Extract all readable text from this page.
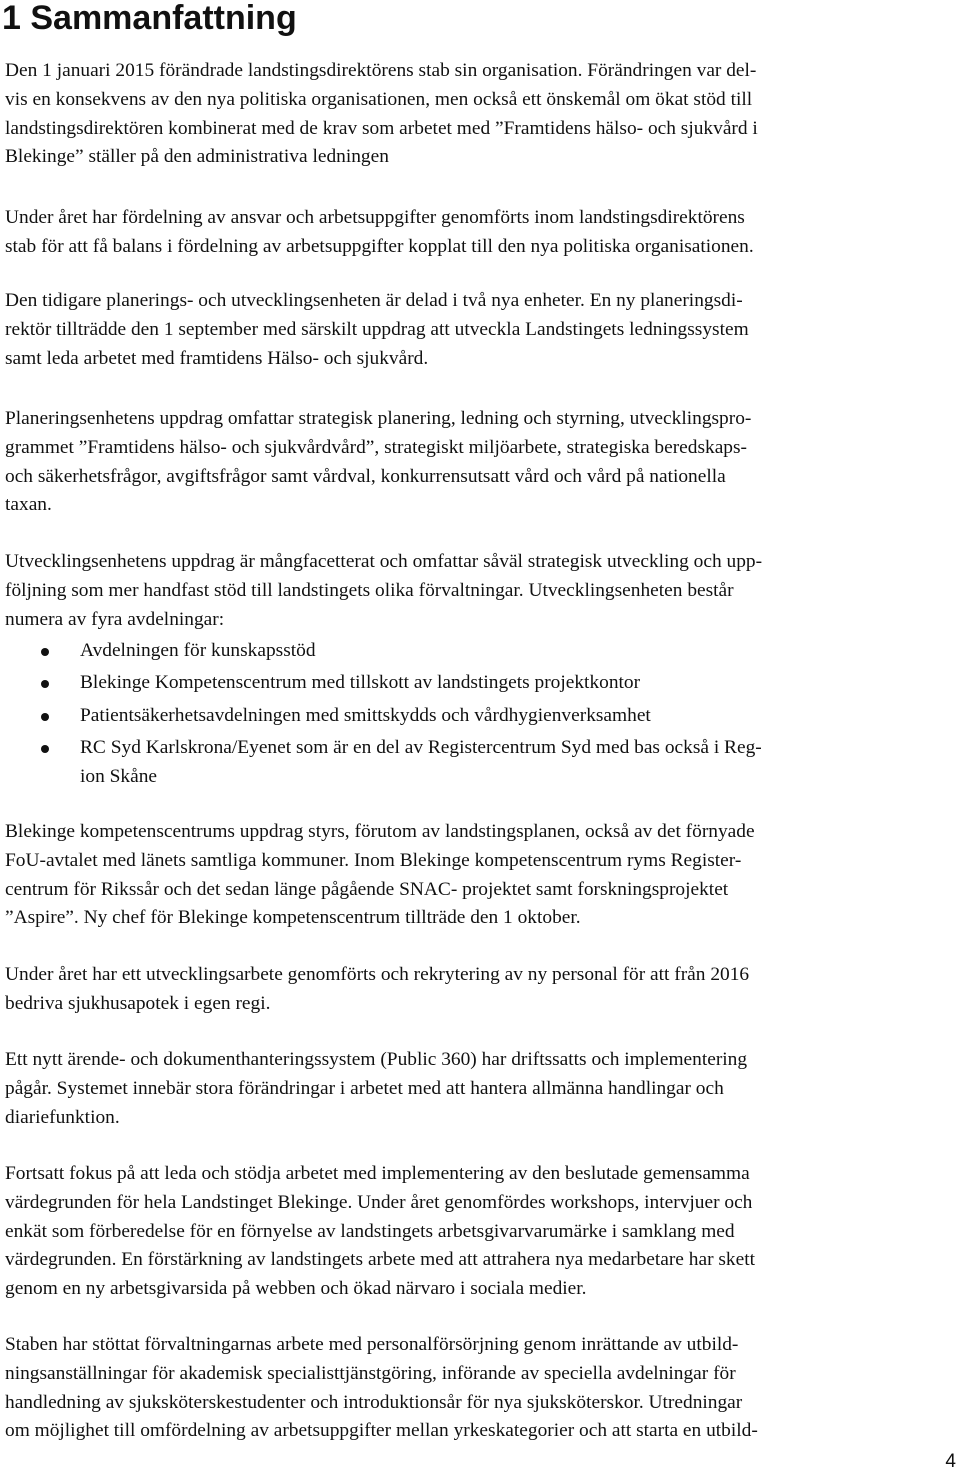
1 Sammanfattning

Den 1 januari 2015 förändrade landstingsdirektörens stab sin organisation. Förändringen var del-
vis en konsekvens av den nya politiska organisationen, men också ett önskemål om ökat stöd till
landstingsdirektören kombinerat med de krav som arbetet med ”Framtidens hälso- och sjukvård i
Blekinge” ställer på den administrativa ledningen

Under året har fördelning av ansvar och arbetsuppgifter genomförts inom landstingsdirektörens
stab för att få balans i fördelning av arbetsuppgifter kopplat till den nya politiska organisationen.

Den tidigare planerings- och utvecklingsenheten är delad i två nya enheter. En ny planeringsdi-
rektör tillträdde den 1 september med särskilt uppdrag att utveckla Landstingets ledningssystem
samt leda arbetet med framtidens Hälso- och sjukvård.

Planeringsenhetens uppdrag omfattar strategisk planering, ledning och styrning, utvecklingspro-
grammet ”Framtidens hälso- och sjukvårdvård”, strategiskt miljöarbete, strategiska beredskaps-
och säkerhetsfrågor, avgiftsfrågor samt vårdval, konkurrensutsatt vård och vård på nationella
taxan.

Utvecklingsenhetens uppdrag är mångfacetterat och omfattar såväl strategisk utveckling och upp-
följning som mer handfast stöd till landstingets olika förvaltningar. Utvecklingsenheten består
numera av fyra avdelningar:

Avdelningen för kunskapsstöd
Blekinge Kompetenscentrum med tillskott av landstingets projektkontor
Patientsäkerhetsavdelningen med smittskydds och vårdhygienverksamhet
RC Syd Karlskrona/Eyenet som är en del av Registercentrum Syd med bas också i Reg-
ion Skåne

Blekinge kompetenscentrums uppdrag styrs, förutom av landstingsplanen, också av det förnyade
FoU-avtalet med länets samtliga kommuner. Inom Blekinge kompetenscentrum ryms Register-
centrum för Rikssår och det sedan länge pågående SNAC- projektet samt forskningsprojektet
”Aspire”. Ny chef för Blekinge kompetenscentrum tillträde den 1 oktober.

Under året har ett utvecklingsarbete genomförts och rekrytering av ny personal för att från 2016
bedriva sjukhusapotek i egen regi.

Ett nytt ärende- och dokumenthanteringssystem (Public 360) har driftssatts och implementering
pågår. Systemet innebär stora förändringar i arbetet med att hantera allmänna handlingar och
diariefunktion.

Fortsatt fokus på att leda och stödja arbetet med implementering av den beslutade gemensamma
värdegrunden för hela Landstinget Blekinge. Under året genomfördes workshops, intervjuer och
enkät som förberedelse för en förnyelse av landstingets arbetsgivarvarumärke i samklang med
värdegrunden. En förstärkning av landstingets arbete med att attrahera nya medarbetare har skett
genom en ny arbetsgivarsida på webben och ökad närvaro i sociala medier.

Staben har stöttat förvaltningarnas arbete med personalförsörjning genom inrättande av utbild-
ningsanställningar för akademisk specialisttjänstgöring, införande av speciella avdelningar för
handledning av sjuksköterskestudenter och introduktionsår för nya sjuksköterskor. Utredningar
om möjlighet till omfördelning av arbetsuppgifter mellan yrkeskategorier och att starta en utbild-

4
